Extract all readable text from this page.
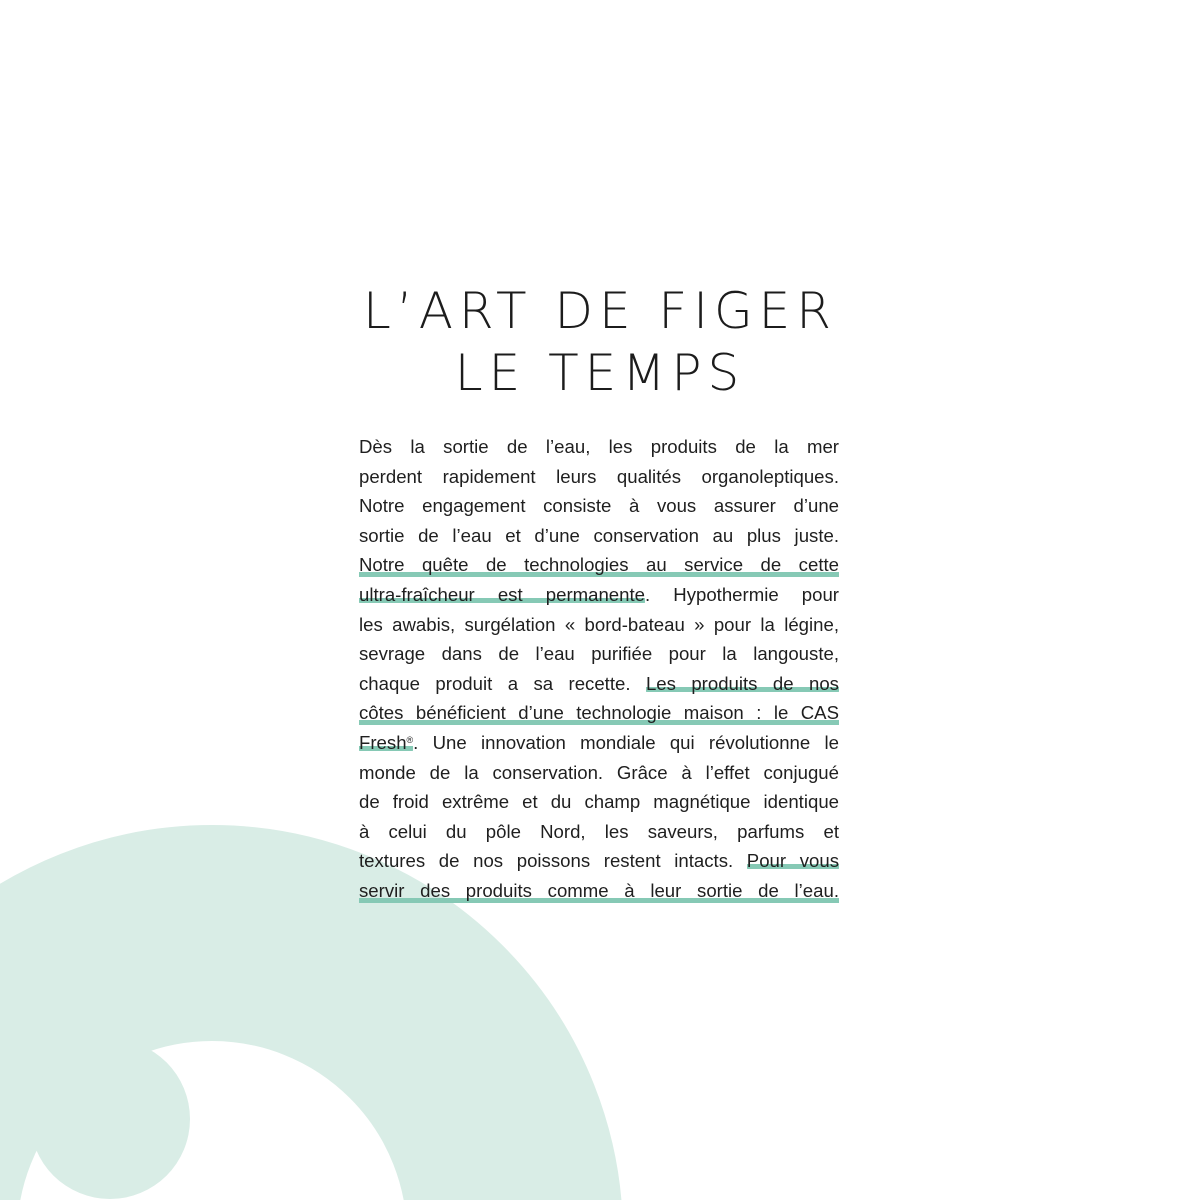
L’ART DE FIGER
LE TEMPS
Dès la sortie de l’eau, les produits de la mer
perdent rapidement leurs qualités organoleptiques.
Notre engagement consiste à vous assurer d’une
sortie de l’eau et d’une conservation au plus juste.
Notre quête de technologies au service de cette
ultra-fraîcheur est permanente. Hypothermie pour
les awabis, surgélation « bord-bateau » pour la légine,
sevrage dans de l’eau purifiée pour la langouste,
chaque produit a sa recette. Les produits de nos
côtes bénéficient d’une technologie maison : le CAS
Fresh®. Une innovation mondiale qui révolutionne le
monde de la conservation. Grâce à l’effet conjugué
de froid extrême et du champ magnétique identique
à celui du pôle Nord, les saveurs, parfums et
textures de nos poissons restent intacts. Pour vous
servir des produits comme à leur sortie de l’eau.
